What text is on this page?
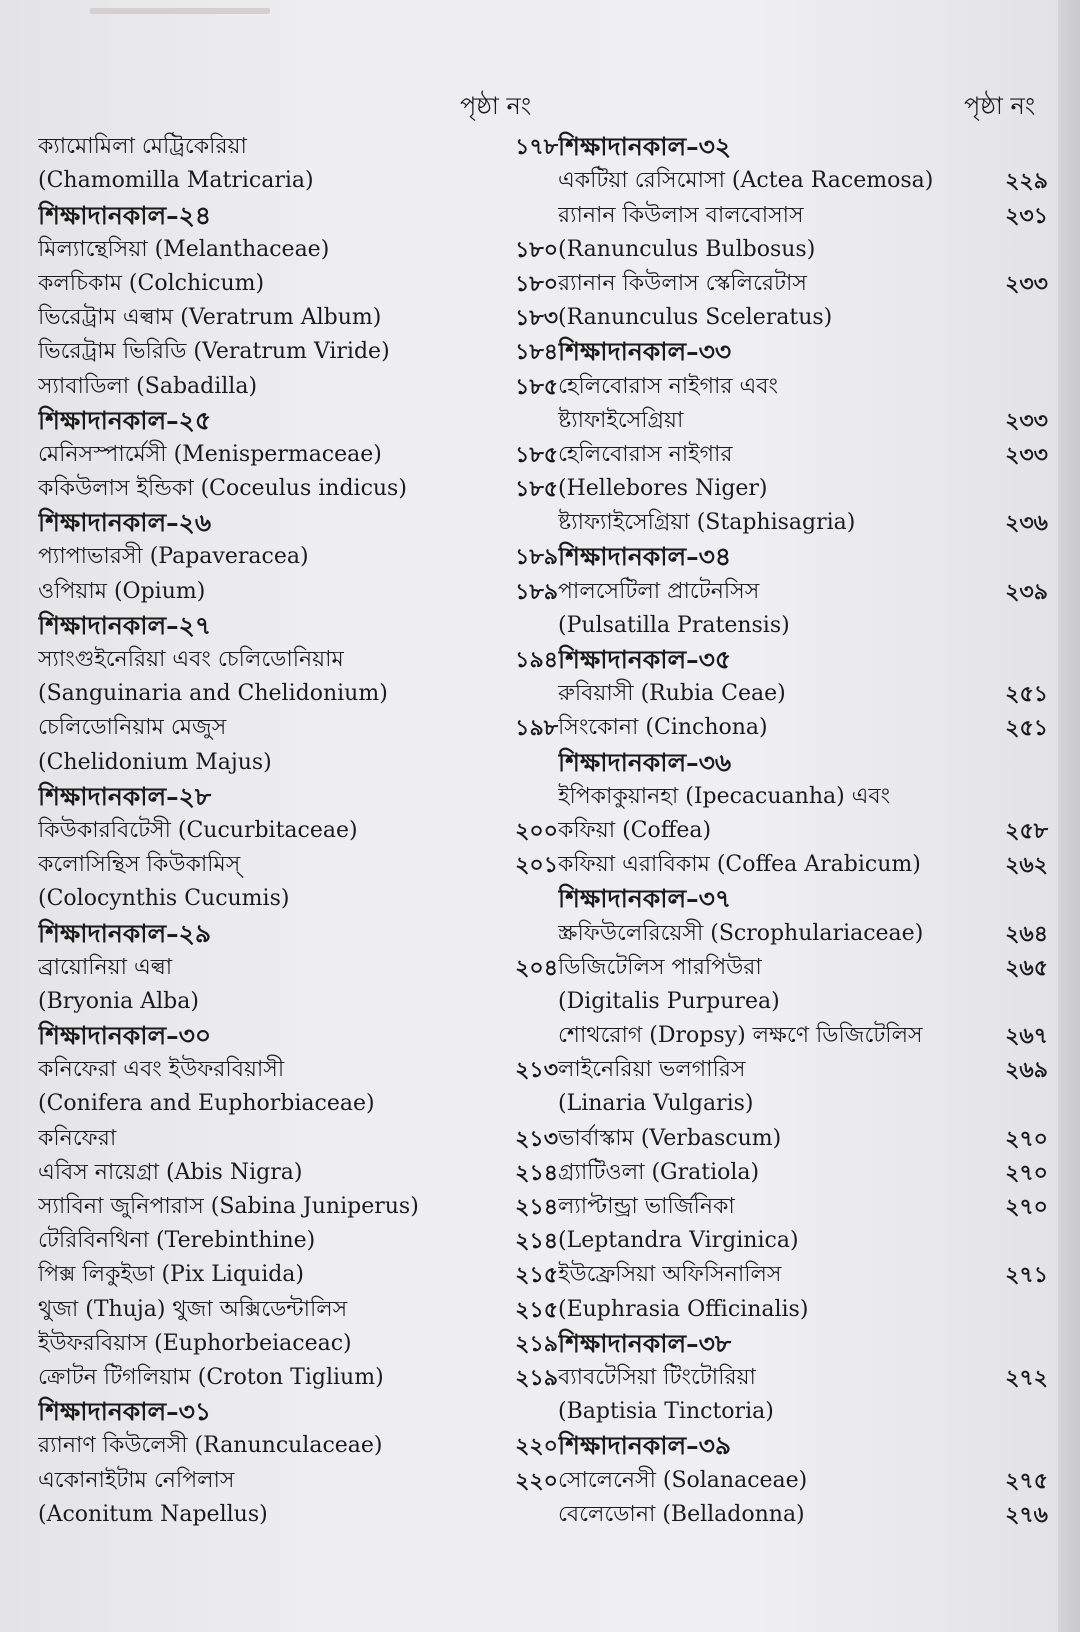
পৃষ্ঠা নং	পৃষ্ঠা নং
ক্যামোমিলা মেট্রিকেরিয়া	১৭৮
(Chamomilla Matricaria)
শিক্ষাদানকাল–২৪
মিল্যান্থেসিয়া (Melanthaceae)	১৮০
কলচিকাম (Colchicum)	১৮০
ভিরেট্রাম এল্বাম (Veratrum Album)	১৮৩
ভিরেট্রাম ভিরিডি (Veratrum Viride)	১৮৪
স্যাবাডিলা (Sabadilla)	১৮৫
শিক্ষাদানকাল–২৫
মেনিসস্পার্মেসী (Menispermaceae)	১৮৫
ককিউলাস ইন্ডিকা (Coceulus indicus)	১৮৫
শিক্ষাদানকাল–২৬
প্যাপাভারসী (Papaveracea)	১৮৯
ওপিয়াম (Opium)	১৮৯
শিক্ষাদানকাল–২৭
স্যাংগুইনেরিয়া এবং চেলিডোনিয়াম	১৯৪
(Sanguinaria and Chelidonium)
চেলিডোনিয়াম মেজুস	১৯৮
(Chelidonium Majus)
শিক্ষাদানকাল–২৮
কিউকারবিটেসী (Cucurbitaceae)	২০০
কলোসিন্থিস কিউকামিস্	২০১
(Colocynthis Cucumis)
শিক্ষাদানকাল–২৯
ব্রায়োনিয়া এল্বা	২০৪
(Bryonia Alba)
শিক্ষাদানকাল–৩০
কনিফেরা এবং ইউফরবিয়াসী	২১৩
(Conifera and Euphorbiaceae)
কনিফেরা	২১৩
এবিস নায়েগ্রা (Abis Nigra)	২১৪
স্যাবিনা জুনিপারাস (Sabina Juniperus)	২১৪
টেরিবিনথিনা (Terebinthine)	২১৪
পিক্স লিকুইডা (Pix Liquida)	২১৫
থুজা (Thuja) থুজা অক্সিডেন্টালিস	২১৫
ইউফরবিয়াস (Euphorbeiaceac)	২১৯
ক্রোটন টিগলিয়াম (Croton Tiglium)	২১৯
শিক্ষাদানকাল–৩১
র‍্যানাণ কিউলেসী (Ranunculaceae)	২২০
একোনাইটাম নেপিলাস	২২০
(Aconitum Napellus)
শিক্ষাদানকাল–৩২
একটিয়া রেসিমোসা (Actea Racemosa)	২২৯
র‍্যানান কিউলাস বালবোসাস	২৩১
(Ranunculus Bulbosus)
র‍্যানান কিউলাস স্কেলিরেটাস	২৩৩
(Ranunculus Sceleratus)
শিক্ষাদানকাল–৩৩
হেলিবোরাস নাইগার এবং
ষ্ট্যাফাইসেগ্রিয়া	২৩৩
হেলিবোরাস নাইগার	২৩৩
(Hellebores Niger)
ষ্ট্যাফ্যাইসেগ্রিয়া (Staphisagria)	২৩৬
শিক্ষাদানকাল–৩৪
পালসেটিলা প্রাটেনসিস	২৩৯
(Pulsatilla Pratensis)
শিক্ষাদানকাল–৩৫
রুবিয়াসী (Rubia Ceae)	২৫১
সিংকোনা (Cinchona)	২৫১
শিক্ষাদানকাল–৩৬
ইপিকাকুয়ানহা (Ipecacuanha) এবং
কফিয়া (Coffea)	২৫৮
কফিয়া এরাবিকাম (Coffea Arabicum)	২৬২
শিক্ষাদানকাল–৩৭
স্ক্রফিউলেরিয়েসী (Scrophulariaceae)	২৬৪
ডিজিটেলিস পারপিউরা	২৬৫
(Digitalis Purpurea)
শোথরোগ (Dropsy) লক্ষণে ডিজিটেলিস	২৬৭
লাইনেরিয়া ভলগারিস	২৬৯
(Linaria Vulgaris)
ভার্বাস্কাম (Verbascum)	২৭০
গ্র্যাটিওলা (Gratiola)	২৭০
ল্যাপ্টান্ড্রা ভার্জিনিকা	২৭০
(Leptandra Virginica)
ইউফ্রেসিয়া অফিসিনালিস	২৭১
(Euphrasia Officinalis)
শিক্ষাদানকাল–৩৮
ব্যাবটেসিয়া টিংটোরিয়া	২৭২
(Baptisia Tinctoria)
শিক্ষাদানকাল–৩৯
সোলেনেসী (Solanaceae)	২৭৫
বেলেডোনা (Belladonna)	২৭৬
